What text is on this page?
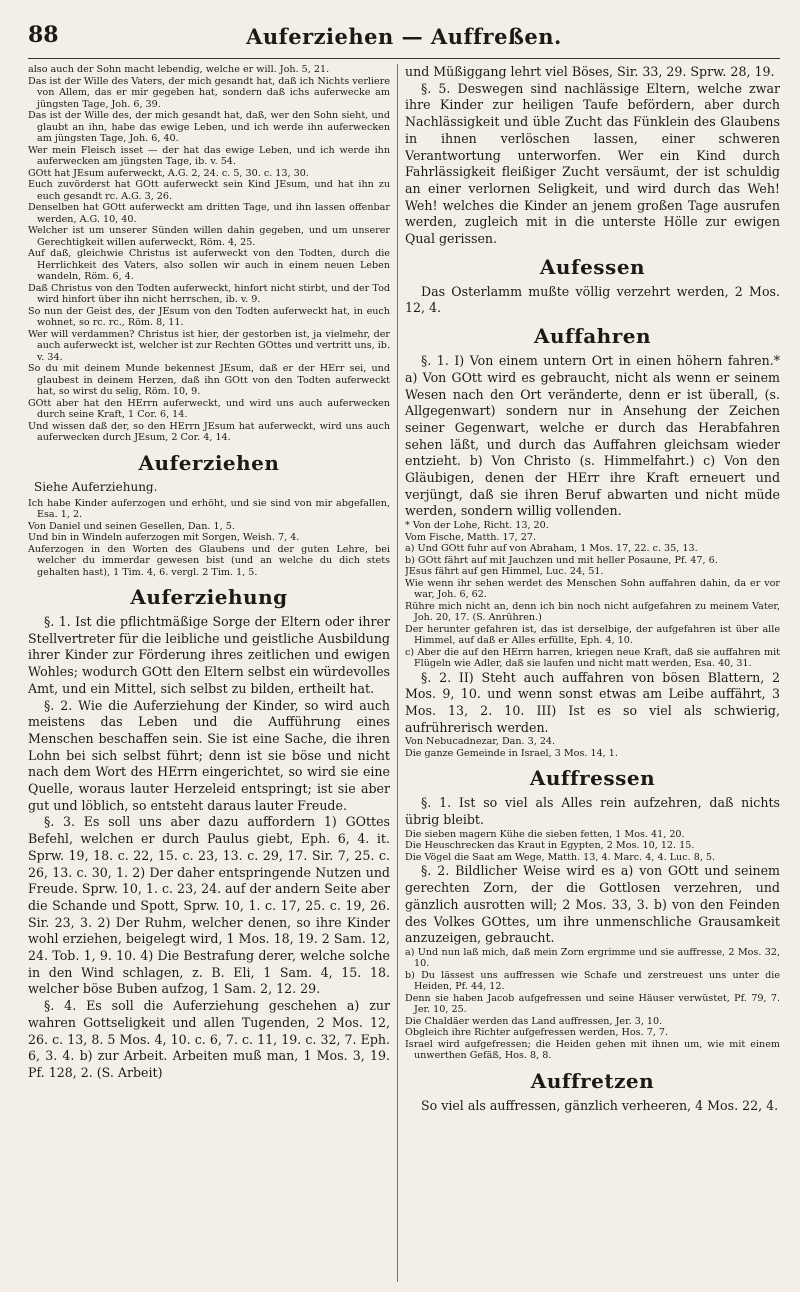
88	Auferziehen — Auffreßen.

also auch der Sohn macht lebendig, welche er will. Joh. 5, 21.

Das ist der Wille des Vaters, der mich gesandt hat, daß ich Nichts verliere von Allem, das er mir gegeben hat, sondern daß ichs auferwecke am jüngsten Tage, Joh. 6, 39.

Das ist der Wille des, der mich gesandt hat, daß, wer den Sohn sieht, und glaubt an ihn, habe das ewige Leben, und ich werde ihn auferwecken am jüngsten Tage, Joh. 6, 40.

Wer mein Fleisch isset — der hat das ewige Leben, und ich werde ihn auferwecken am jüngsten Tage, ib. v. 54.

GOtt hat JEsum auferweckt, A.G. 2, 24. c. 5, 30. c. 13, 30.

Euch zuvörderst hat GOtt auferweckt sein Kind JEsum, und hat ihn zu euch gesandt rc. A.G. 3, 26.

Denselben hat GOtt auferweckt am dritten Tage, und ihn lassen offenbar werden, A.G. 10, 40.

Welcher ist um unserer Sünden willen dahin gegeben, und um unserer Gerechtigkeit willen auferweckt, Röm. 4, 25.

Auf daß, gleichwie Christus ist auferweckt von den Todten, durch die Herrlichkeit des Vaters, also sollen wir auch in einem neuen Leben wandeln, Röm. 6, 4.

Daß Christus von den Todten auferweckt, hinfort nicht stirbt, und der Tod wird hinfort über ihn nicht herrschen, ib. v. 9.

So nun der Geist des, der JEsum von den Todten auferweckt hat, in euch wohnet, so rc. rc., Röm. 8, 11.

Wer will verdammen? Christus ist hier, der gestorben ist, ja vielmehr, der auch auferweckt ist, welcher ist zur Rechten GOttes und vertritt uns, ib. v. 34.

So du mit deinem Munde bekennest JEsum, daß er der HErr sei, und glaubest in deinem Herzen, daß ihn GOtt von den Todten auferweckt hat, so wirst du selig, Röm. 10, 9.

GOtt aber hat den HErrn auferweckt, und wird uns auch auferwecken durch seine Kraft, 1 Cor. 6, 14.

Und wissen daß der, so den HErrn JEsum hat auferweckt, wird uns auch auferwecken durch JEsum, 2 Cor. 4, 14.

Auferziehen

Siehe Auferziehung.

Ich habe Kinder auferzogen und erhöht, und sie sind von mir abgefallen, Esa. 1, 2.

Von Daniel und seinen Gesellen, Dan. 1, 5.

Und bin in Windeln auferzogen mit Sorgen, Weish. 7, 4.

Auferzogen in den Worten des Glaubens und der guten Lehre, bei welcher du immerdar gewesen bist (und an welche du dich stets gehalten hast), 1 Tim. 4, 6. vergl. 2 Tim. 1, 5.

Auferziehung

§. 1. Ist die pflichtmäßige Sorge der Eltern oder ihrer Stellvertreter für die leibliche und geistliche Ausbildung ihrer Kinder zur Förderung ihres zeitlichen und ewigen Wohles; wodurch GOtt den Eltern selbst ein würdevolles Amt, und ein Mittel, sich selbst zu bilden, ertheilt hat.

§. 2. Wie die Auferziehung der Kinder, so wird auch meistens das Leben und die Aufführung eines Menschen beschaffen sein. Sie ist eine Sache, die ihren Lohn bei sich selbst führt; denn ist sie böse und nicht nach dem Wort des HErrn eingerichtet, so wird sie eine Quelle, woraus lauter Herzeleid entspringt; ist sie aber gut und löblich, so entsteht daraus lauter Freude.

§. 3. Es soll uns aber dazu auffordern 1) GOttes Befehl, welchen er durch Paulus giebt, Eph. 6, 4. it. Sprw. 19, 18. c. 22, 15. c. 23, 13. c. 29, 17. Sir. 7, 25. c. 26, 13. c. 30, 1. 2) Der daher entspringende Nutzen und Freude. Sprw. 10, 1. c. 23, 24. auf der andern Seite aber die Schande und Spott, Sprw. 10, 1. c. 17, 25. c. 19, 26. Sir. 23, 3. 2) Der Ruhm, welcher denen, so ihre Kinder wohl erziehen, beigelegt wird, 1 Mos. 18, 19. 2 Sam. 12, 24. Tob. 1, 9. 10. 4) Die Bestrafung derer, welche solche in den Wind schlagen, z. B. Eli, 1 Sam. 4, 15. 18. welcher böse Buben aufzog, 1 Sam. 2, 12. 29.

§. 4. Es soll die Auferziehung geschehen a) zur wahren Gottseligkeit und allen Tugenden, 2 Mos. 12, 26. c. 13, 8. 5 Mos. 4, 10. c. 6, 7. c. 11, 19. c. 32, 7. Eph. 6, 3. 4. b) zur Arbeit. Arbeiten muß man, 1 Mos. 3, 19. Pf. 128, 2. (S. Arbeit)

und Müßiggang lehrt viel Böses, Sir. 33, 29. Sprw. 28, 19.

§. 5. Deswegen sind nachlässige Eltern, welche zwar ihre Kinder zur heiligen Taufe befördern, aber durch Nachlässigkeit und üble Zucht das Fünklein des Glaubens in ihnen verlöschen lassen, einer schweren Verantwortung unterworfen. Wer ein Kind durch Fahrlässigkeit fleißiger Zucht versäumt, der ist schuldig an einer verlornen Seligkeit, und wird durch das Weh! Weh! welches die Kinder an jenem großen Tage ausrufen werden, zugleich mit in die unterste Hölle zur ewigen Qual gerissen.

Aufessen

Das Osterlamm mußte völlig verzehrt werden, 2 Mos. 12, 4.

Auffahren

§. 1. I) Von einem untern Ort in einen höhern fahren.* a) Von GOtt wird es gebraucht, nicht als wenn er seinem Wesen nach den Ort veränderte, denn er ist überall, (s. Allgegenwart) sondern nur in Ansehung der Zeichen seiner Gegenwart, welche er durch das Herabfahren sehen läßt, und durch das Auffahren gleichsam wieder entzieht. b) Von Christo (s. Himmelfahrt.) c) Von den Gläubigen, denen der HErr ihre Kraft erneuert und verjüngt, daß sie ihren Beruf abwarten und nicht müde werden, sondern willig vollenden.

* Von der Lohe, Richt. 13, 20.

Vom Fische, Matth. 17, 27.

a) Und GOtt fuhr auf von Abraham, 1 Mos. 17, 22. c. 35, 13.

b) GOtt fährt auf mit Jauchzen und mit heller Posaune, Pf. 47, 6.

JEsus fährt auf gen Himmel, Luc. 24, 51.

Wie wenn ihr sehen werdet des Menschen Sohn auffahren dahin, da er vor war, Joh. 6, 62.

Rühre mich nicht an, denn ich bin noch nicht aufgefahren zu meinem Vater, Joh. 20, 17. (S. Anrühren.)

Der herunter gefahren ist, das ist derselbige, der aufgefahren ist über alle Himmel, auf daß er Alles erfüllte, Eph. 4, 10.

c) Aber die auf den HErrn harren, kriegen neue Kraft, daß sie auffahren mit Flügeln wie Adler, daß sie laufen und nicht matt werden, Esa. 40, 31.

§. 2. II) Steht auch auffahren von bösen Blattern, 2 Mos. 9, 10. und wenn sonst etwas am Leibe auffährt, 3 Mos. 13, 2. 10. III) Ist es so viel als schwierig, aufrührerisch werden.

Von Nebucadnezar, Dan. 3, 24.

Die ganze Gemeinde in Israel, 3 Mos. 14, 1.

Auffressen

§. 1. Ist so viel als Alles rein aufzehren, daß nichts übrig bleibt.

Die sieben magern Kühe die sieben fetten, 1 Mos. 41, 20.

Die Heuschrecken das Kraut in Egypten, 2 Mos. 10, 12. 15.

Die Vögel die Saat am Wege, Matth. 13, 4. Marc. 4, 4. Luc. 8, 5.

§. 2. Bildlicher Weise wird es a) von GOtt und seinem gerechten Zorn, der die Gottlosen verzehren, und gänzlich ausrotten will; 2 Mos. 33, 3. b) von den Feinden des Volkes GOttes, um ihre unmenschliche Grausamkeit anzuzeigen, gebraucht.

a) Und nun laß mich, daß mein Zorn ergrimme und sie auffresse, 2 Mos. 32, 10.

b) Du lässest uns auffressen wie Schafe und zerstreuest uns unter die Heiden, Pf. 44, 12.

Denn sie haben Jacob aufgefressen und seine Häuser verwüstet, Pf. 79, 7. Jer. 10, 25.

Die Chaldäer werden das Land auffressen, Jer. 3, 10.

Obgleich ihre Richter aufgefressen werden, Hos. 7, 7.

Israel wird aufgefressen; die Heiden gehen mit ihnen um, wie mit einem unwerthen Gefäß, Hos. 8, 8.

Auffretzen

So viel als auffressen, gänzlich verheeren, 4 Mos. 22, 4.
